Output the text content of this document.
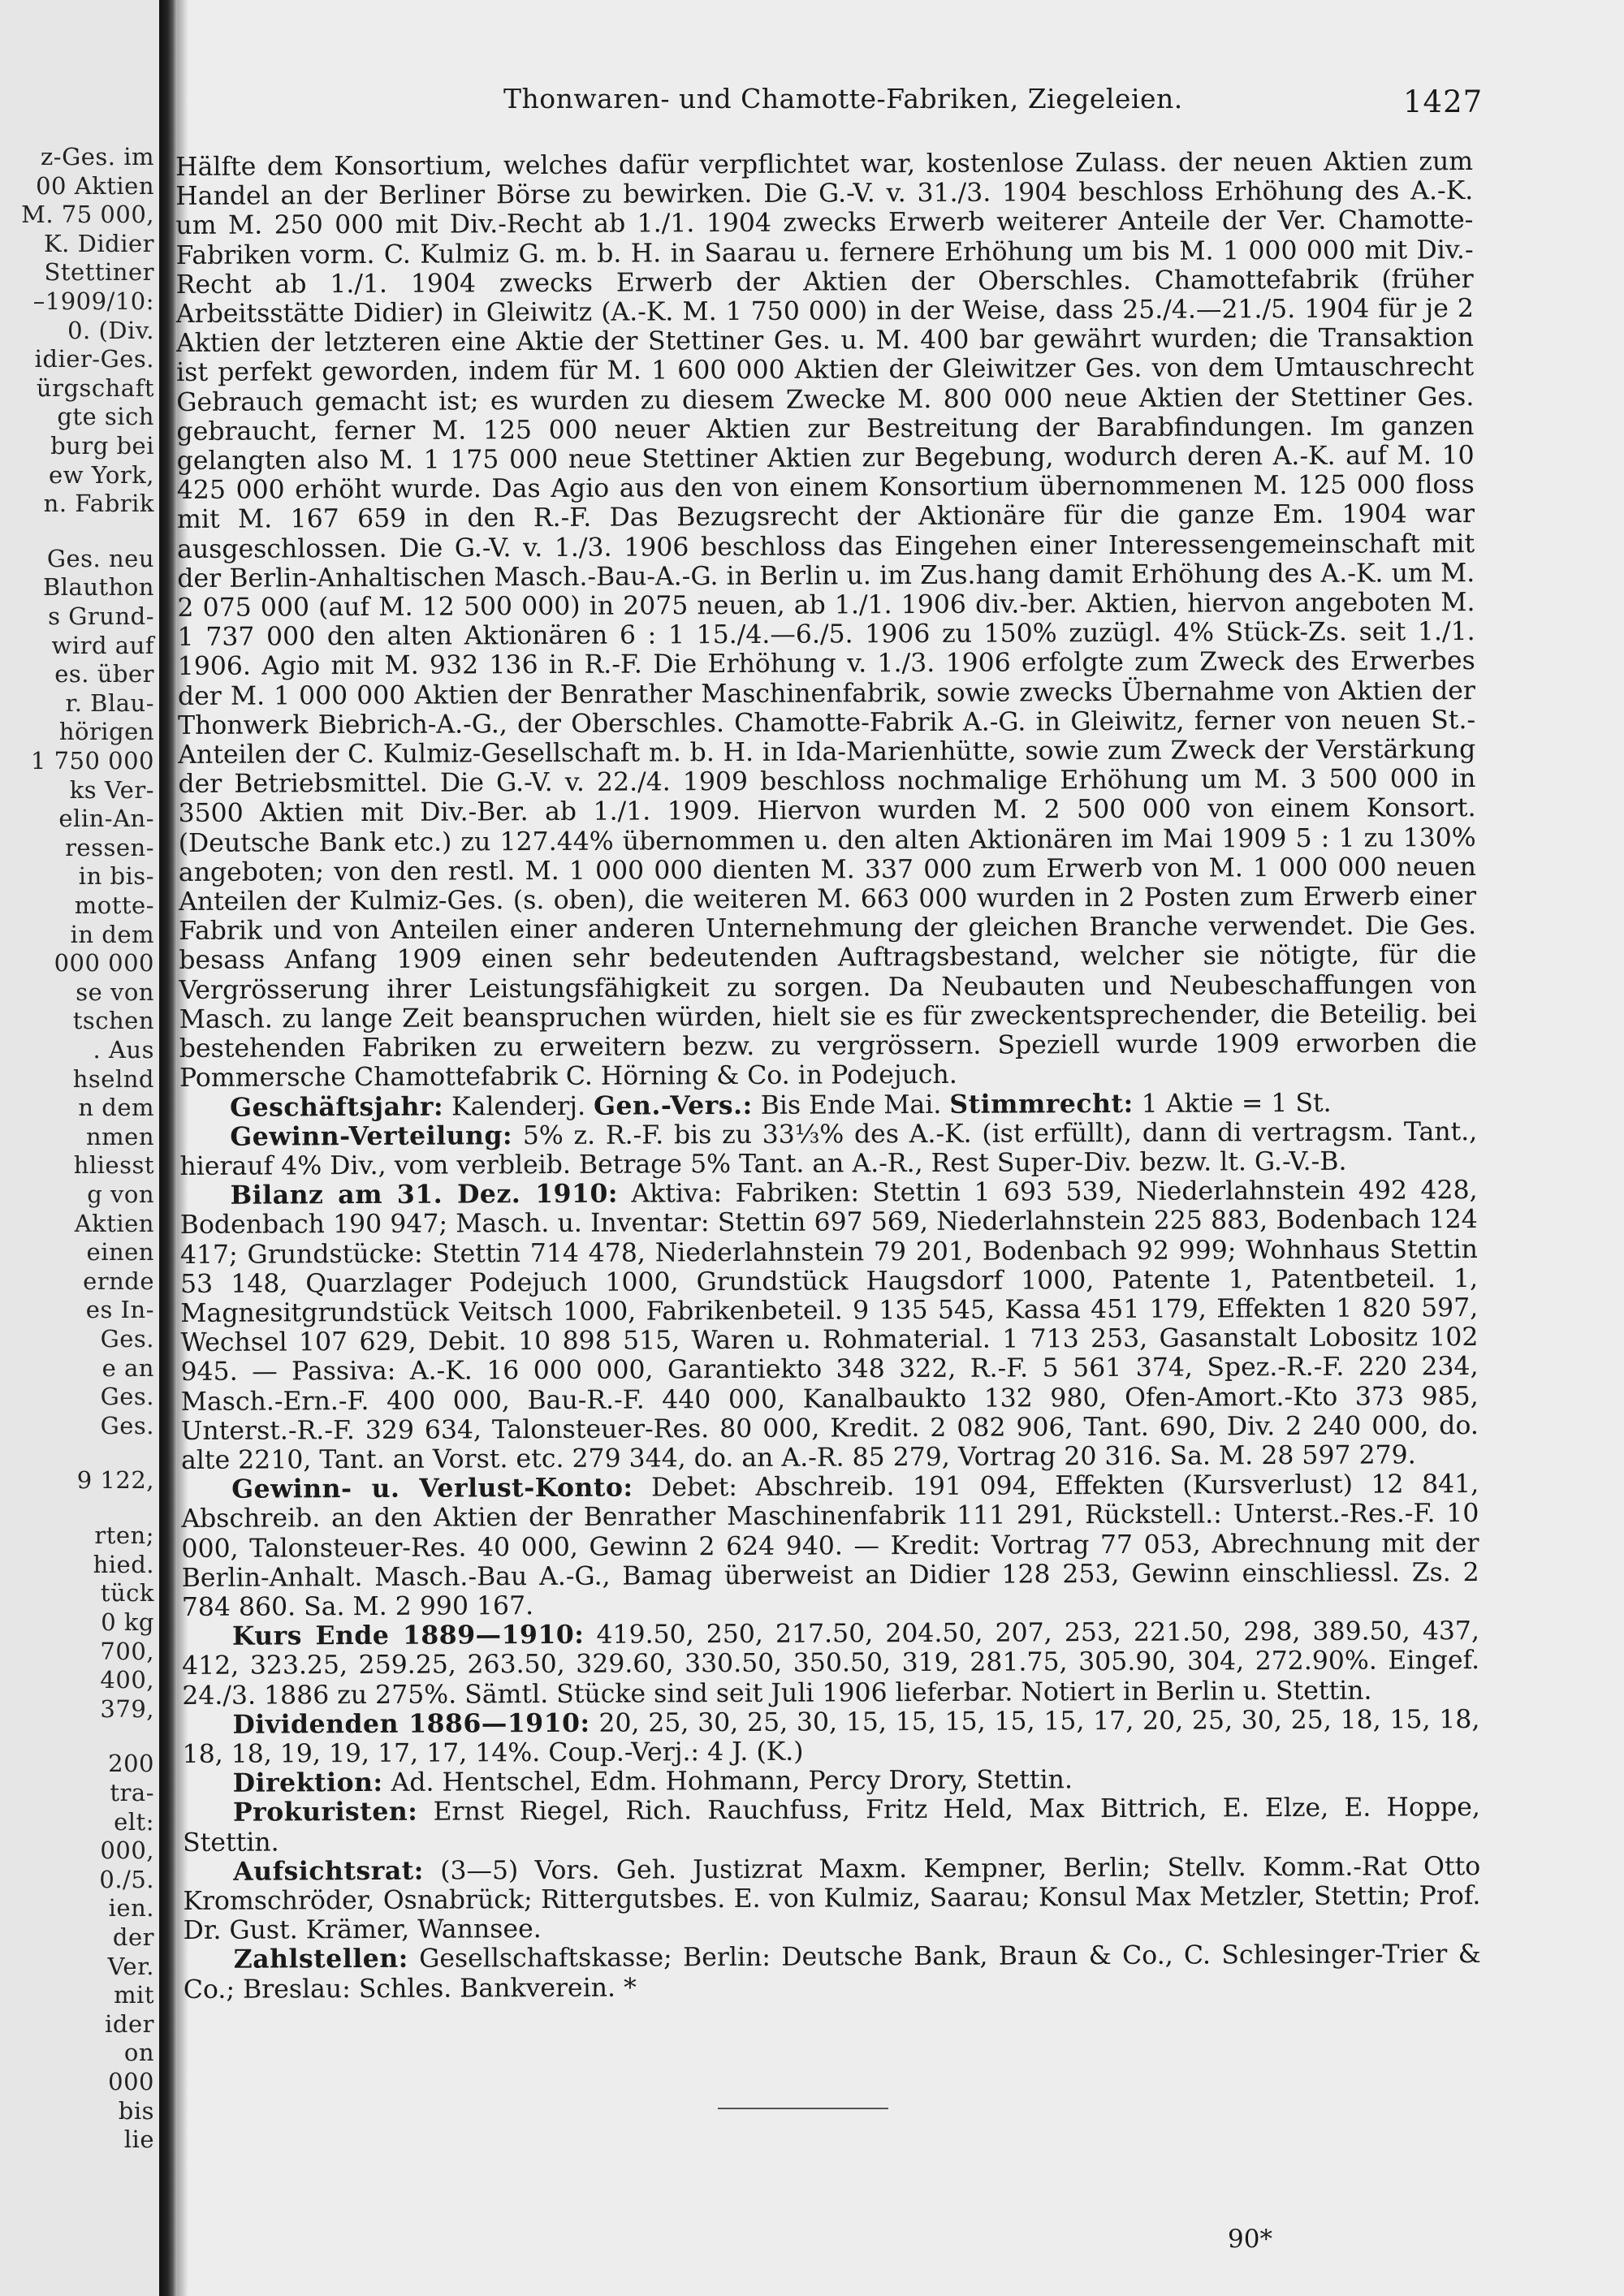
z-Ges. im
00 Aktien
M. 75 000,
K. Didier
Stettiner
–1909/10:
0. (Div.
idier-Ges.
ürgschaft
gte sich
burg bei
ew York,
n. Fabrik
Ges. neu
Blauthon
s Grund-
wird auf
es. über
r. Blau-
hörigen
1 750 000
ks Ver-
elin-An-
ressen-
in bis-
motte-
in dem
000 000
se von
tschen
. Aus
hselnd
n dem
nmen
hliesst
g von
Aktien
einen
ernde
es In-
Ges.
e an
Ges.
Ges.
9 122,
rten;
hied.
tück
0 kg
700,
400,
379,
200
tra-
elt:
000,
0./5.
ien.
der
Ver.
mit
ider
on
000
bis
lie
Thonwaren- und Chamotte-Fabriken, Ziegeleien.	1427

Hälfte dem Konsortium, welches dafür verpflichtet war, kostenlose Zulass. der neuen Aktien zum Handel an der Berliner Börse zu bewirken. Die G.-V. v. 31./3. 1904 beschloss Erhöhung des A.-K. um M. 250 000 mit Div.-Recht ab 1./1. 1904 zwecks Erwerb weiterer Anteile der Ver. Chamotte-Fabriken vorm. C. Kulmiz G. m. b. H. in Saarau u. fernere Erhöhung um bis M. 1 000 000 mit Div.-Recht ab 1./1. 1904 zwecks Erwerb der Aktien der Oberschles. Chamottefabrik (früher Arbeitsstätte Didier) in Gleiwitz (A.-K. M. 1 750 000) in der Weise, dass 25./4.—21./5. 1904 für je 2 Aktien der letzteren eine Aktie der Stettiner Ges. u. M. 400 bar gewährt wurden; die Transaktion ist perfekt geworden, indem für M. 1 600 000 Aktien der Gleiwitzer Ges. von dem Umtauschrecht Gebrauch gemacht ist; es wurden zu diesem Zwecke M. 800 000 neue Aktien der Stettiner Ges. gebraucht, ferner M. 125 000 neuer Aktien zur Bestreitung der Barabfindungen. Im ganzen gelangten also M. 1 175 000 neue Stettiner Aktien zur Begebung, wodurch deren A.-K. auf M. 10 425 000 erhöht wurde. Das Agio aus den von einem Konsortium übernommenen M. 125 000 floss mit M. 167 659 in den R.-F. Das Bezugsrecht der Aktionäre für die ganze Em. 1904 war ausgeschlossen. Die G.-V. v. 1./3. 1906 beschloss das Eingehen einer Interessengemeinschaft mit der Berlin-Anhaltischen Masch.-Bau-A.-G. in Berlin u. im Zus.hang damit Erhöhung des A.-K. um M. 2 075 000 (auf M. 12 500 000) in 2075 neuen, ab 1./1. 1906 div.-ber. Aktien, hiervon angeboten M. 1 737 000 den alten Aktionären 6 : 1 15./4.—6./5. 1906 zu 150% zuzügl. 4% Stück-Zs. seit 1./1. 1906. Agio mit M. 932 136 in R.-F. Die Erhöhung v. 1./3. 1906 erfolgte zum Zweck des Erwerbes der M. 1 000 000 Aktien der Benrather Maschinenfabrik, sowie zwecks Übernahme von Aktien der Thonwerk Biebrich-A.-G., der Oberschles. Chamotte-Fabrik A.-G. in Gleiwitz, ferner von neuen St.-Anteilen der C. Kulmiz-Gesellschaft m. b. H. in Ida-Marienhütte, sowie zum Zweck der Verstärkung der Betriebsmittel. Die G.-V. v. 22./4. 1909 beschloss nochmalige Erhöhung um M. 3 500 000 in 3500 Aktien mit Div.-Ber. ab 1./1. 1909. Hiervon wurden M. 2 500 000 von einem Konsort. (Deutsche Bank etc.) zu 127.44% übernommen u. den alten Aktionären im Mai 1909 5 : 1 zu 130% angeboten; von den restl. M. 1 000 000 dienten M. 337 000 zum Erwerb von M. 1 000 000 neuen Anteilen der Kulmiz-Ges. (s. oben), die weiteren M. 663 000 wurden in 2 Posten zum Erwerb einer Fabrik und von Anteilen einer anderen Unternehmung der gleichen Branche verwendet. Die Ges. besass Anfang 1909 einen sehr bedeutenden Auftragsbestand, welcher sie nötigte, für die Vergrösserung ihrer Leistungsfähigkeit zu sorgen. Da Neubauten und Neubeschaffungen von Masch. zu lange Zeit beanspruchen würden, hielt sie es für zweckentsprechender, die Beteilig. bei bestehenden Fabriken zu erweitern bezw. zu vergrössern. Speziell wurde 1909 erworben die Pommersche Chamottefabrik C. Hörning & Co. in Podejuch.

Geschäftsjahr: Kalenderj. Gen.-Vers.: Bis Ende Mai. Stimmrecht: 1 Aktie = 1 St.

Gewinn-Verteilung: 5% z. R.-F. bis zu 33⅓% des A.-K. (ist erfüllt), dann di vertragsm. Tant., hierauf 4% Div., vom verbleib. Betrage 5% Tant. an A.-R., Rest Super-Div. bezw. lt. G.-V.-B.

Bilanz am 31. Dez. 1910: Aktiva: Fabriken: Stettin 1 693 539, Niederlahnstein 492 428, Bodenbach 190 947; Masch. u. Inventar: Stettin 697 569, Niederlahnstein 225 883, Bodenbach 124 417; Grundstücke: Stettin 714 478, Niederlahnstein 79 201, Bodenbach 92 999; Wohnhaus Stettin 53 148, Quarzlager Podejuch 1000, Grundstück Haugsdorf 1000, Patente 1, Patentbeteil. 1, Magnesitgrundstück Veitsch 1000, Fabrikenbeteil. 9 135 545, Kassa 451 179, Effekten 1 820 597, Wechsel 107 629, Debit. 10 898 515, Waren u. Rohmaterial. 1 713 253, Gasanstalt Lobositz 102 945. — Passiva: A.-K. 16 000 000, Garantiekto 348 322, R.-F. 5 561 374, Spez.-R.-F. 220 234, Masch.-Ern.-F. 400 000, Bau-R.-F. 440 000, Kanalbaukto 132 980, Ofen-Amort.-Kto 373 985, Unterst.-R.-F. 329 634, Talonsteuer-Res. 80 000, Kredit. 2 082 906, Tant. 690, Div. 2 240 000, do. alte 2210, Tant. an Vorst. etc. 279 344, do. an A.-R. 85 279, Vortrag 20 316. Sa. M. 28 597 279.

Gewinn- u. Verlust-Konto: Debet: Abschreib. 191 094, Effekten (Kursverlust) 12 841, Abschreib. an den Aktien der Benrather Maschinenfabrik 111 291, Rückstell.: Unterst.-Res.-F. 10 000, Talonsteuer-Res. 40 000, Gewinn 2 624 940. — Kredit: Vortrag 77 053, Abrechnung mit der Berlin-Anhalt. Masch.-Bau A.-G., Bamag überweist an Didier 128 253, Gewinn einschliessl. Zs. 2 784 860. Sa. M. 2 990 167.

Kurs Ende 1889—1910: 419.50, 250, 217.50, 204.50, 207, 253, 221.50, 298, 389.50, 437, 412, 323.25, 259.25, 263.50, 329.60, 330.50, 350.50, 319, 281.75, 305.90, 304, 272.90%. Eingef. 24./3. 1886 zu 275%. Sämtl. Stücke sind seit Juli 1906 lieferbar. Notiert in Berlin u. Stettin.

Dividenden 1886—1910: 20, 25, 30, 25, 30, 15, 15, 15, 15, 15, 17, 20, 25, 30, 25, 18, 15, 18, 18, 18, 19, 19, 17, 17, 14%. Coup.-Verj.: 4 J. (K.)

Direktion: Ad. Hentschel, Edm. Hohmann, Percy Drory, Stettin.

Prokuristen: Ernst Riegel, Rich. Rauchfuss, Fritz Held, Max Bittrich, E. Elze, E. Hoppe, Stettin.

Aufsichtsrat: (3—5) Vors. Geh. Justizrat Maxm. Kempner, Berlin; Stellv. Komm.-Rat Otto Kromschröder, Osnabrück; Rittergutsbes. E. von Kulmiz, Saarau; Konsul Max Metzler, Stettin; Prof. Dr. Gust. Krämer, Wannsee.

Zahlstellen: Gesellschaftskasse; Berlin: Deutsche Bank, Braun & Co., C. Schlesinger-Trier & Co.; Breslau: Schles. Bankverein. *

90*
